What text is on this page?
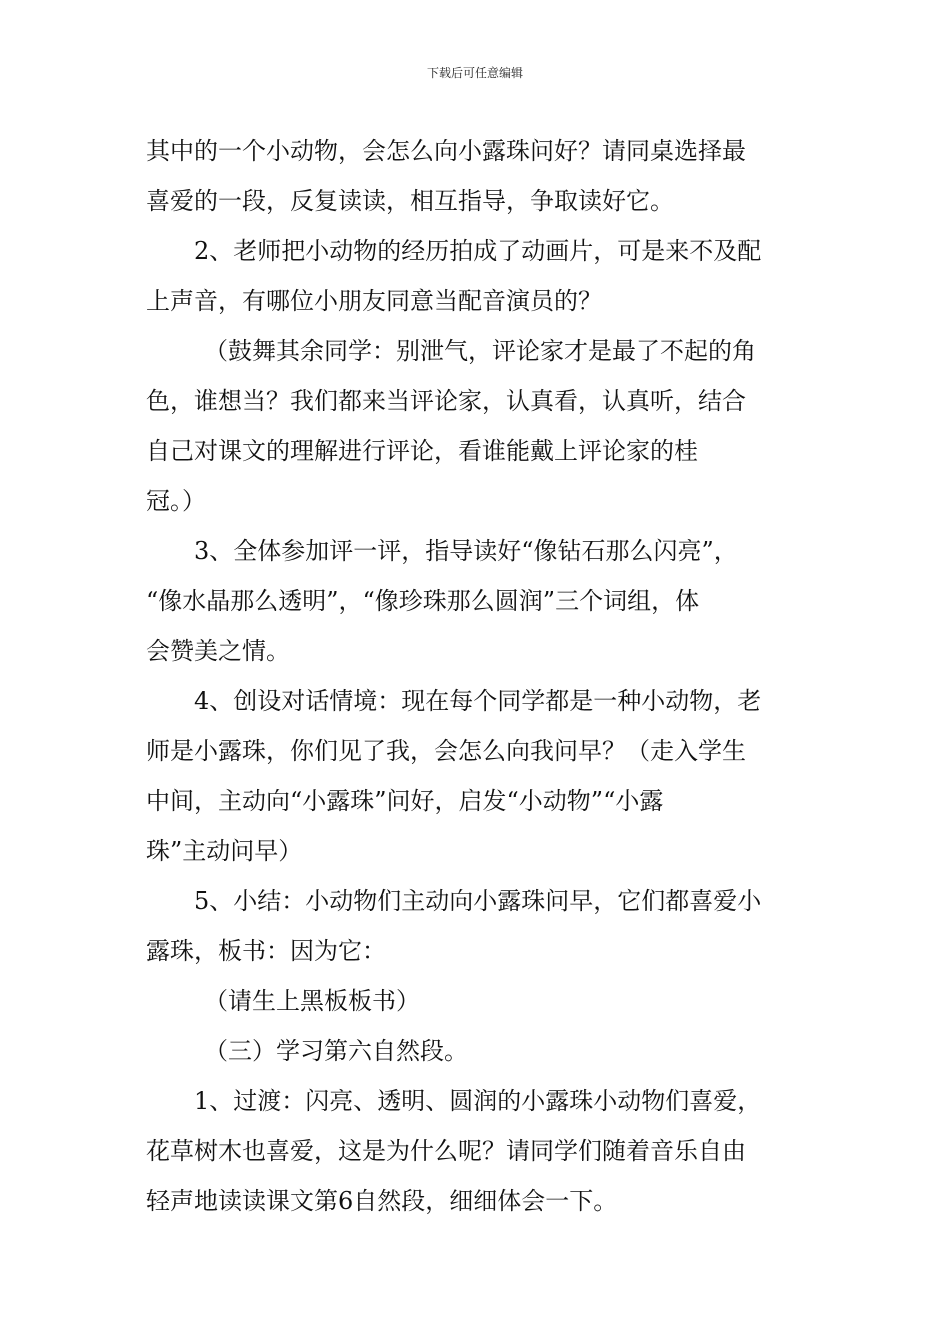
下载后可任意编辑
其中的一个小动物，会怎么向小露珠问好？请同桌选择最
喜爱的一段，反复读读，相互指导，争取读好它。
2、老师把小动物的经历拍成了动画片，可是来不及配
上声音，有哪位小朋友同意当配音演员的？
（鼓舞其余同学：别泄气，评论家才是最了不起的角
色，谁想当？我们都来当评论家，认真看，认真听，结合
自己对课文的理解进行评论，看谁能戴上评论家的桂
冠。）
3、全体参加评一评，指导读好“像钻石那么闪亮”，
“像水晶那么透明”，“像珍珠那么圆润”三个词组，体
会赞美之情。
4、创设对话情境：现在每个同学都是一种小动物，老
师是小露珠，你们见了我，会怎么向我问早？（走入学生
中间，主动向“小露珠”问好，启发“小动物”“小露
珠”主动问早）
5、小结：小动物们主动向小露珠问早，它们都喜爱小
露珠，板书：因为它：
（请生上黑板板书）
（三）学习第六自然段。
1、过渡：闪亮、透明、圆润的小露珠小动物们喜爱，
花草树木也喜爱，这是为什么呢？请同学们随着音乐自由
轻声地读读课文第6自然段，细细体会一下。
